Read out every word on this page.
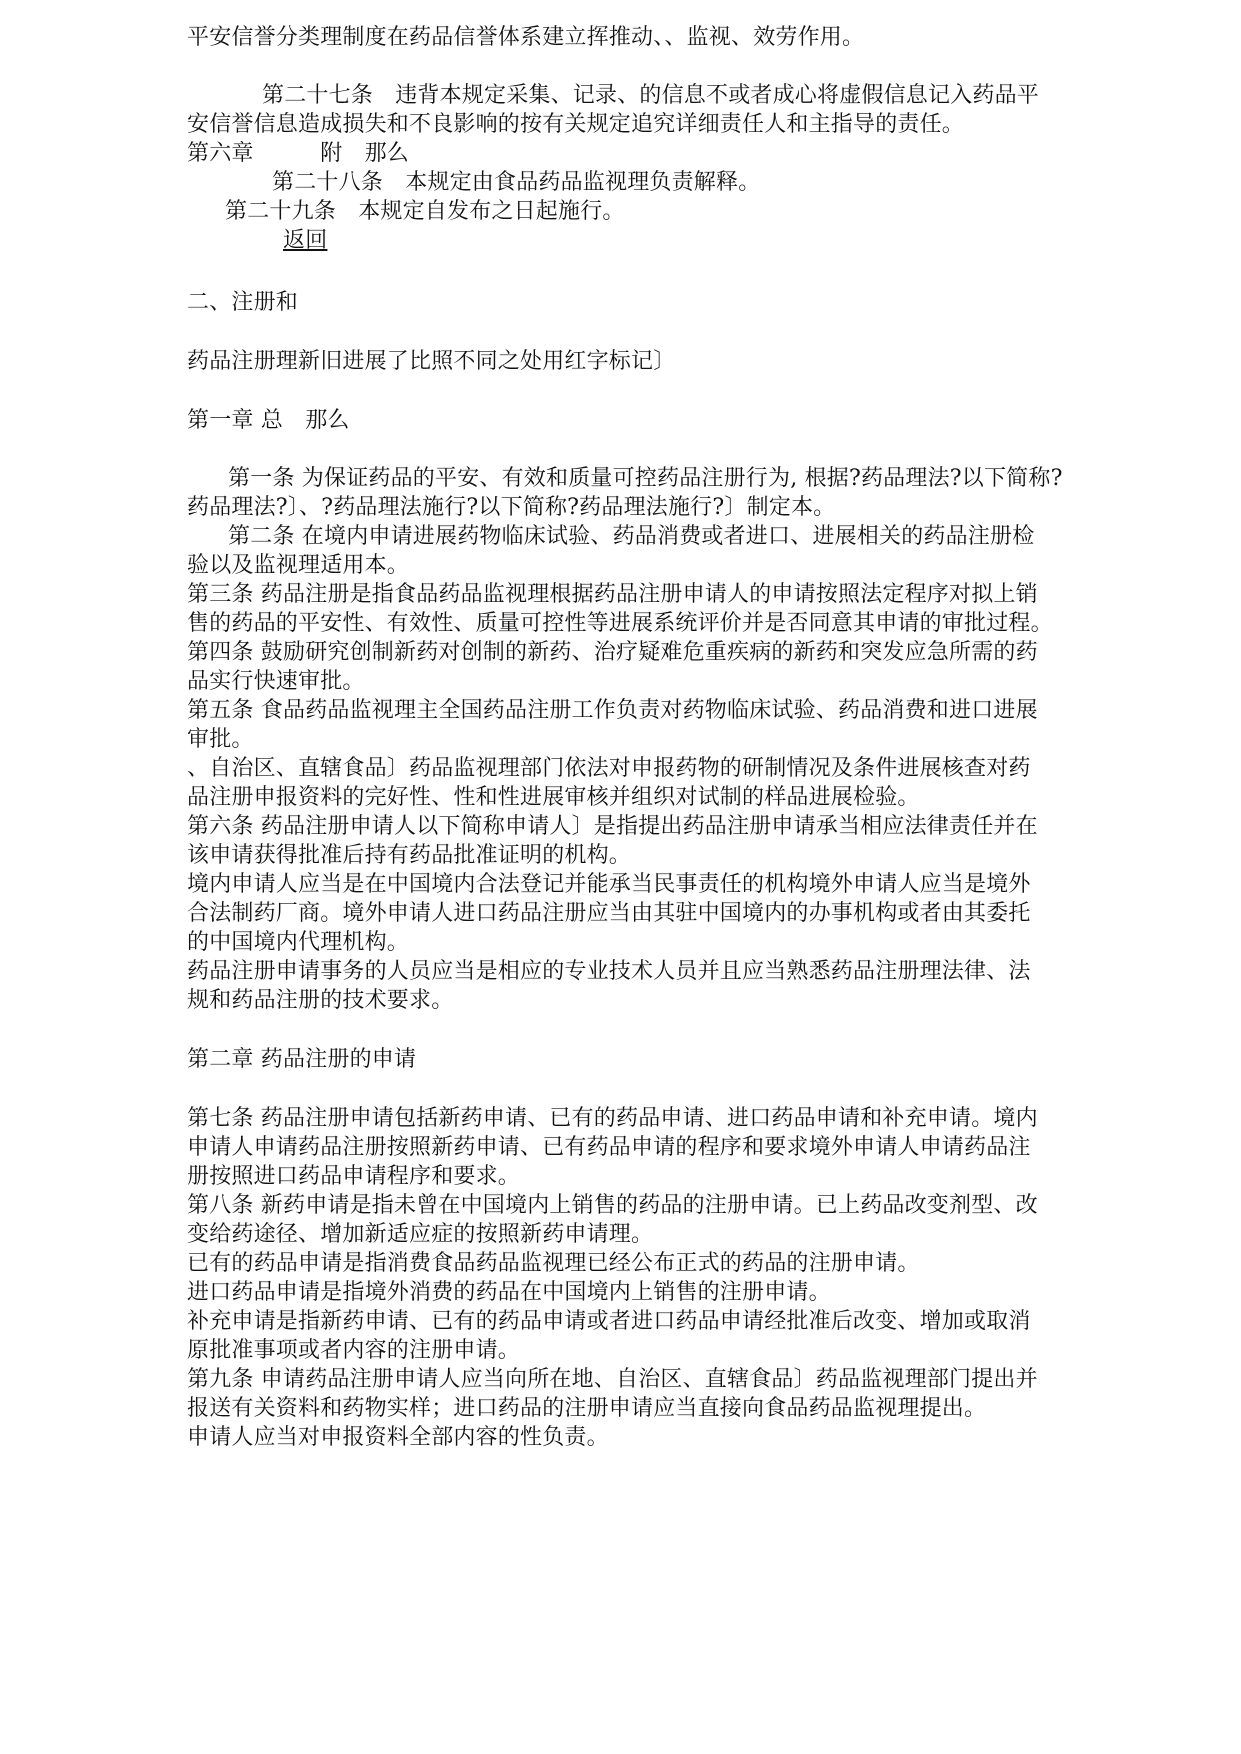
平安信誉分类理制度在药品信誉体系建立挥推动、、监视、效劳作用。
第二十七条　违背本规定采集、记录、的信息不或者成心将虚假信息记入药品平
安信誉信息造成损失和不良影响的按有关规定追究详细责任人和主指导的责任。
第六章　　　附　那么
第二十八条　本规定由食品药品监视理负责解释。
第二十九条　本规定自发布之日起施行。
返回
二、注册和
药品注册理新旧进展了比照不同之处用红字标记〕
第一章 总　那么
第一条 为保证药品的平安、有效和质量可控药品注册行为, 根据?药品理法?以下简称?
药品理法?〕、?药品理法施行?以下简称?药品理法施行?〕制定本。
第二条 在境内申请进展药物临床试验、药品消费或者进口、进展相关的药品注册检
验以及监视理适用本。
第三条 药品注册是指食品药品监视理根据药品注册申请人的申请按照法定程序对拟上销
售的药品的平安性、有效性、质量可控性等进展系统评价并是否同意其申请的审批过程。
第四条 鼓励研究创制新药对创制的新药、治疗疑难危重疾病的新药和突发应急所需的药
品实行快速审批。
第五条 食品药品监视理主全国药品注册工作负责对药物临床试验、药品消费和进口进展
审批。
、自治区、直辖食品〕药品监视理部门依法对申报药物的研制情况及条件进展核查对药
品注册申报资料的完好性、性和性进展审核并组织对试制的样品进展检验。
第六条 药品注册申请人以下简称申请人〕是指提出药品注册申请承当相应法律责任并在
该申请获得批准后持有药品批准证明的机构。
境内申请人应当是在中国境内合法登记并能承当民事责任的机构境外申请人应当是境外
合法制药厂商。境外申请人进口药品注册应当由其驻中国境内的办事机构或者由其委托
的中国境内代理机构。
药品注册申请事务的人员应当是相应的专业技术人员并且应当熟悉药品注册理法律、法
规和药品注册的技术要求。
第二章 药品注册的申请
第七条 药品注册申请包括新药申请、已有的药品申请、进口药品申请和补充申请。境内
申请人申请药品注册按照新药申请、已有药品申请的程序和要求境外申请人申请药品注
册按照进口药品申请程序和要求。
第八条 新药申请是指未曾在中国境内上销售的药品的注册申请。已上药品改变剂型、改
变给药途径、增加新适应症的按照新药申请理。
已有的药品申请是指消费食品药品监视理已经公布正式的药品的注册申请。
进口药品申请是指境外消费的药品在中国境内上销售的注册申请。
补充申请是指新药申请、已有的药品申请或者进口药品申请经批准后改变、增加或取消
原批准事项或者内容的注册申请。
第九条 申请药品注册申请人应当向所在地、自治区、直辖食品〕药品监视理部门提出并
报送有关资料和药物实样；进口药品的注册申请应当直接向食品药品监视理提出。
申请人应当对申报资料全部内容的性负责。
